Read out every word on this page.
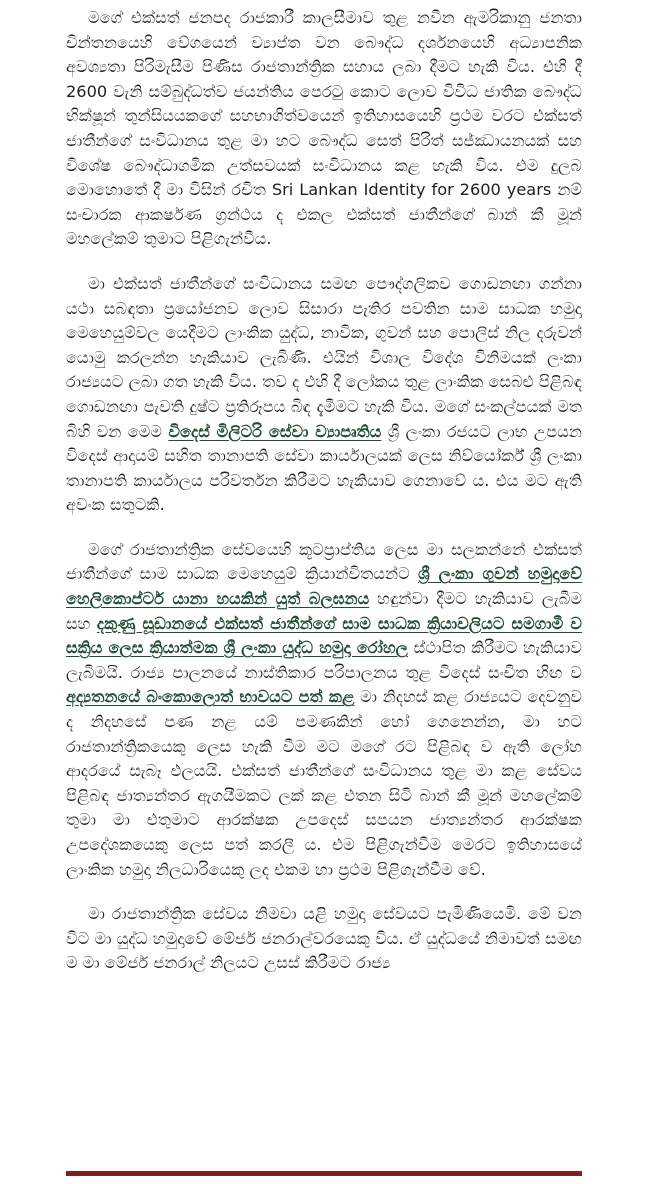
මගේ එක්සත් ජනපද රාජකාරී කාලසීමාව තුළ නවීන ඇමරිකානු ජනතා චින්තනයෙහි වේගයෙන් ව්‍යාප්ත වන බෞද්ධ දර්ශනයෙහි අධ්‍යාපනික අවශ්‍යතා පිරිමැසීම පිණිස රාජතාන්ත්‍රික සහාය ලබා දීමට හැකි විය. එහි දී 2600 වැනි සම්බුද්ධත්ව ජයන්තිය පෙරටු කොට ලොව විවිධ ජාතික බෞද්ධ භික්ෂූන් තුන්සියයකගේ සහභාගිත්වයෙන් ඉතිහාසයෙහි ප්‍රථම වරට එක්සත් ජාතීන්ගේ සංවිධානය තුළ මා හට බෞද්ධ සෙත් පිරිත් සජ්ඣායනයක් සහ විශේෂ බෞද්ධාගමික උත්සවයක් සංවිධානය කළ හැකි විය. එම දුලබ මොහොතේ දී මා විසින් රචිත Sri Lankan Identity for 2600 years නම් සංචාරක ආකර්ෂණ ග්‍රන්ථය ද එකල එක්සත් ජාතීන්ගේ බාන් කී මූන් මහලේකම් තුමාට පිළිගැන්වීය.

මා එක්සත් ජාතීන්ගේ සංවිධානය සමඟ පෞද්ගලිකව ගොඩනඟා ගන්නා යථා සබඳතා ප්‍රයෝජනව ලොව සිසාරා පැතිර පවතින සාම සාධක හමුදා මෙහෙයුම්වල යෙදීමට ලාංකික යුද්ධ, නාවික, ගුවන් සහ පොලිස් නිල දරුවන් යොමු කරලන්න හැකියාව ලැබිණි. එයින් විශාල විදේශ විනිමයක් ලංකා රාජ්‍යයට ලබා ගත හැකි විය. තව ද එහි දී ලෝකය තුළ ලාංකික සෙබළු පිළිබඳ ගොඩනඟා පැවති දුෂ්ට ප්‍රතිරූපය බිඳ දැමීමට හැකි විය. මගේ සංකල්පයක් මත බිහි වන මෙම විදෙස් මිලිටරි සේවා ව්‍යාපෘතිය ශ්‍රී ලංකා රජයට ලාභ උපයන විදෙස් ආදායම් සහිත තානාපති සේවා කාර්යාලයක් ලෙස නිව්යෝර්ක් ශ්‍රී ලංකා තානාපති කාර්යාලය පරිවර්තන කිරීමට හැකියාව ගෙනාවේ ය. එය මට ඇති අවංක සතුටකි.

මගේ රාජතාන්ත්‍රික සේවයෙහි කූටප්‍රාප්තිය ලෙස මා සලකන්නේ එක්සත් ජාතීන්ගේ සාම සාධක මෙහෙයුම් ක්‍රියාන්විතයන්ට ශ්‍රී ලංකා ගුවන් හමුදාවේ හෙලිකොප්ටර් යානා හයකින් යුත් බලඝනය හඳුන්වා දීමට හැකියාව ලැබීම සහ දකුණු සූඩානයේ එක්සත් ජාතීන්ගේ සාම සාධක ක්‍රියාවලියට සමගාමී ව සක්‍රිය ලෙස ක්‍රියාත්මක ශ්‍රී ලංකා යුද්ධ හමුදා රෝහල ස්ථාපිත කිරීමට හැකියාව ලැබීමයි. රාජ්‍ය පාලනයේ නාස්තිකාර පරිපාලනය තුළ විදෙස් සංචිත හිඟ ව අද්‍යතනයේ බංකොලොත් භාවයට පත් කළ මා නිදහස් කළ රාජ්‍යයට දෙවනුව ද නිදහසේ පණ නළ යම් පමණකින් හෝ ගෙනෙන්න, මා හට රාජතාන්ත්‍රිකයෙකු ලෙස හැකි වීම මට මගේ රට පිළිබඳ ව ඇති ලෝහ ආදරයේ සැබෑ ඵලයයි. එක්සත් ජාතීන්ගේ සංවිධානය තුළ මා කළ සේවය පිළිබඳ ජාත්‍යන්තර ඇගයීමකට ලක් කළ එතන සිටි බාන් කී මූන් මහලේකම් තුමා මා එතුමාට ආරක්ෂක උපදෙස් සපයන ජාත්‍යන්තර ආරක්ෂක උපදේශකයෙකු ලෙස පත් කරලී ය. එම පිළිගැන්වීම මෙරට ඉතිහාසයේ ලාංකික හමුදා නිලධාරියෙකු ලද එකම හා ප්‍රථම පිළිගැන්වීම වේ.

මා රාජතාන්ත්‍රික සේවය නිමවා යළි හමුදා සේවයට පැමිණියෙමි. මේ වන විට මා යුද්ධ හමුදාවේ මේජර් ජනරාල්වරයෙකු විය. ඒ යුද්ධයේ නිමාවත් සමඟ ම මා මේජර් ජනරාල් නිලයට උසස් කිරීමට රාජ්‍ය
